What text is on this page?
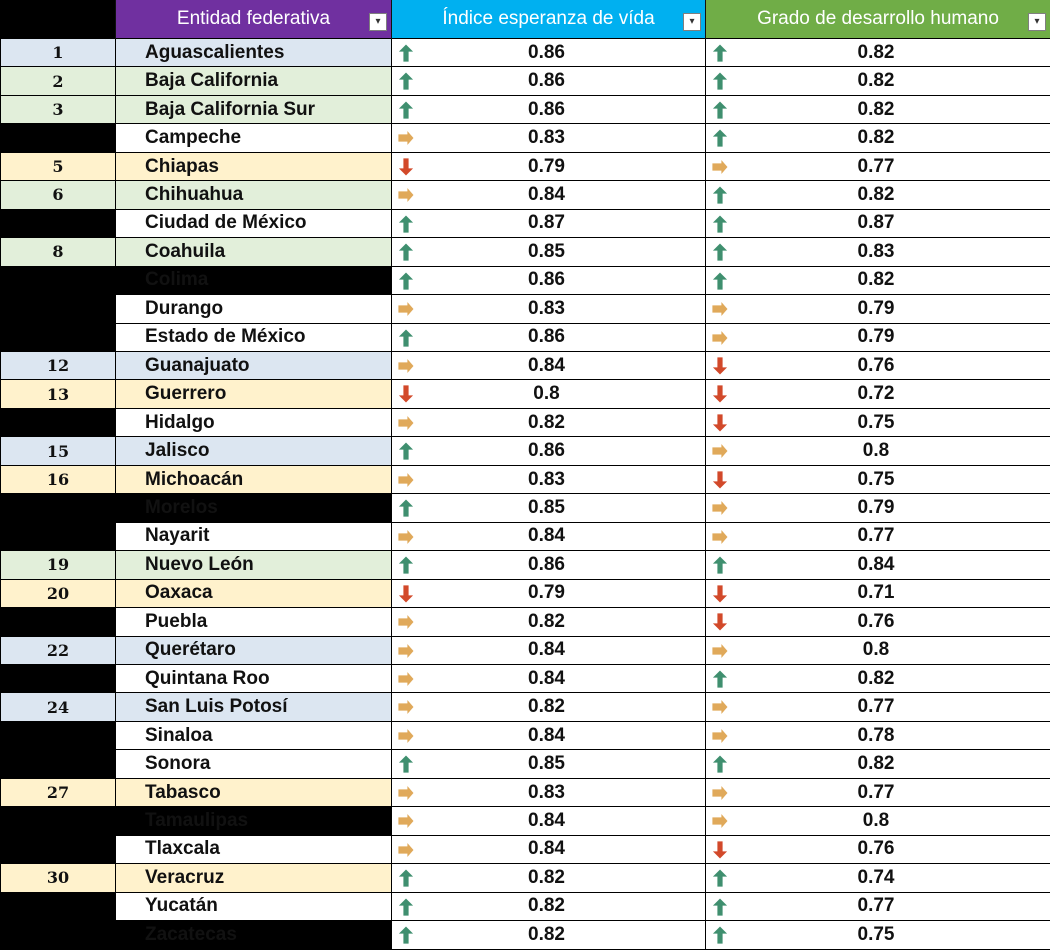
	Entidad federativa ▾	Índice esperanza de vída ▾	Grado de desarrollo humano ▾

1	Aguascalientes	0.86	0.82
2	Baja California	0.86	0.82
3	Baja California Sur	0.86	0.82
	Campeche	0.83	0.82
5	Chiapas	0.79	0.77
6	Chihuahua	0.84	0.82
	Ciudad de México	0.87	0.87
8	Coahuila	0.85	0.83
	Colima	0.86	0.82
	Durango	0.83	0.79
	Estado de México	0.86	0.79
12	Guanajuato	0.84	0.76
13	Guerrero	0.8	0.72
	Hidalgo	0.82	0.75
15	Jalisco	0.86	0.8
16	Michoacán	0.83	0.75
	Morelos	0.85	0.79
	Nayarit	0.84	0.77
19	Nuevo León	0.86	0.84
20	Oaxaca	0.79	0.71
	Puebla	0.82	0.76
22	Querétaro	0.84	0.8
	Quintana Roo	0.84	0.82
24	San Luis Potosí	0.82	0.77
	Sinaloa	0.84	0.78
	Sonora	0.85	0.82
27	Tabasco	0.83	0.77
	Tamaulipas	0.84	0.8
	Tlaxcala	0.84	0.76
30	Veracruz	0.82	0.74
	Yucatán	0.82	0.77
	Zacatecas	0.82	0.75
